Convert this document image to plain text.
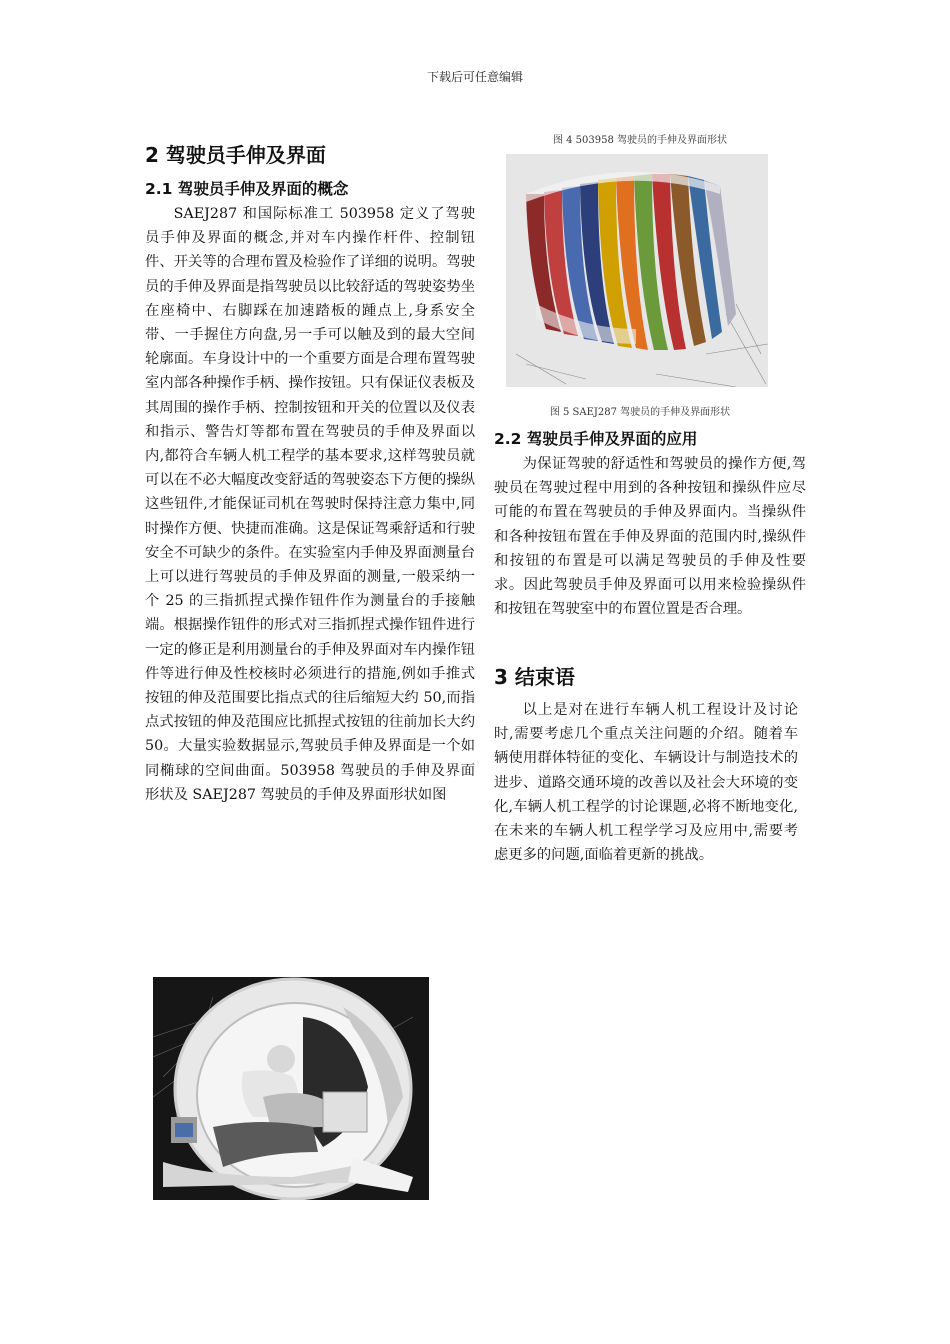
下载后可任意编辑
2 驾驶员手伸及界面
2.1 驾驶员手伸及界面的概念

SAEJ287 和国际标准工 503958 定义了驾驶员手伸及界面的概念,并对车内操作杆件、控制钮件、开关等的合理布置及检验作了详细的说明。驾驶员的手伸及界面是指驾驶员以比较舒适的驾驶姿势坐在座椅中、右脚踩在加速踏板的踵点上,身系安全带、一手握住方向盘,另一手可以触及到的最大空间轮廓面。车身设计中的一个重要方面是合理布置驾驶室内部各种操作手柄、操作按钮。只有保证仪表板及其周围的操作手柄、控制按钮和开关的位置以及仪表和指示、警告灯等都布置在驾驶员的手伸及界面以内,都符合车辆人机工程学的基本要求,这样驾驶员就可以在不必大幅度改变舒适的驾驶姿态下方便的操纵这些钮件,才能保证司机在驾驶时保持注意力集中,同时操作方便、快捷而准确。这是保证驾乘舒适和行驶安全不可缺少的条件。在实验室内手伸及界面测量台上可以进行驾驶员的手伸及界面的测量,一般采纳一个 25 的三指抓捏式操作钮件作为测量台的手接触端。根据操作钮件的形式对三指抓捏式操作钮件进行一定的修正是利用测量台的手伸及界面对车内操作钮件等进行伸及性校核时必须进行的措施,例如手推式按钮的伸及范围要比指点式的往后缩短大约 50,而指点式按钮的伸及范围应比抓捏式按钮的往前加长大约 50。大量实验数据显示,驾驶员手伸及界面是一个如同椭球的空间曲面。503958 驾驶员的手伸及界面形状及 SAEJ287 驾驶员的手伸及界面形状如图

图 4 503958 驾驶员的手伸及界面形状
图 5 SAEJ287 驾驶员的手伸及界面形状
2.2 驾驶员手伸及界面的应用

为保证驾驶的舒适性和驾驶员的操作方便,驾驶员在驾驶过程中用到的各种按钮和操纵件应尽可能的布置在驾驶员的手伸及界面内。当操纵件和各种按钮布置在手伸及界面的范围内时,操纵件和按钮的布置是可以满足驾驶员的手伸及性要求。因此驾驶员手伸及界面可以用来检验操纵件和按钮在驾驶室中的布置位置是否合理。

3 结束语

以上是对在进行车辆人机工程设计及讨论时,需要考虑几个重点关注问题的介绍。随着车辆使用群体特征的变化、车辆设计与制造技术的进步、道路交通环境的改善以及社会大环境的变化,车辆人机工程学的讨论课题,必将不断地变化,在未来的车辆人机工程学学习及应用中,需要考虑更多的问题,面临着更新的挑战。
